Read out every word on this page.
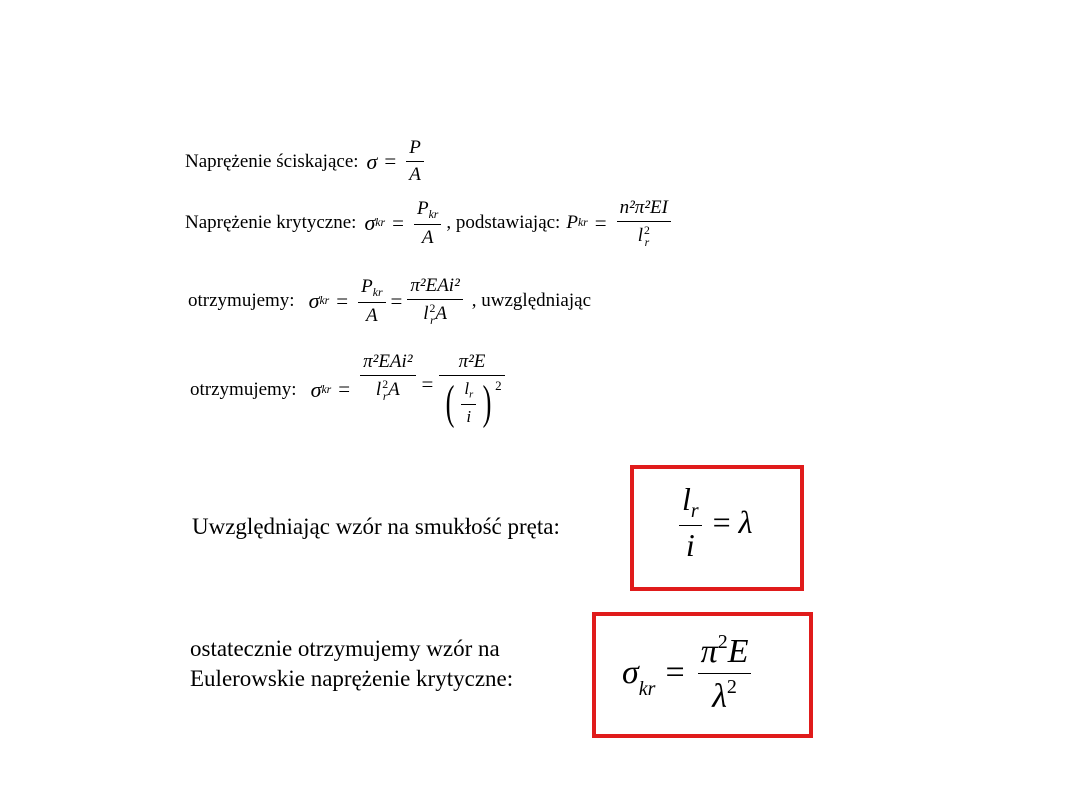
Naprężenie ściskające: $\sigma = \frac{P}{A}$
Naprężenie krytyczne: σ kr = $\frac{P_{kr}}{A}$ , podstawiając: P kr = n²π²EI
l 2
r
otrzymujemy: σ kr = $\frac{P_{kr}}{A} = \pi^2EAi^2$
l 2
r A , uwzględniając
otrzymujemy: σ kr = π²EAi²
l 2
r $A = \frac{\text{π²E}}{( \frac{l_r}{i} ) 2}$
Uwzględniając wzór na smukłość pręta:	$\frac{l_r}{i} = \lambda$
ostatecznie otrzymujemy wzór na
Eulerowskie naprężenie krytyczne:	σ kr = $\frac{\pi^2E}{\lambda^2}$
